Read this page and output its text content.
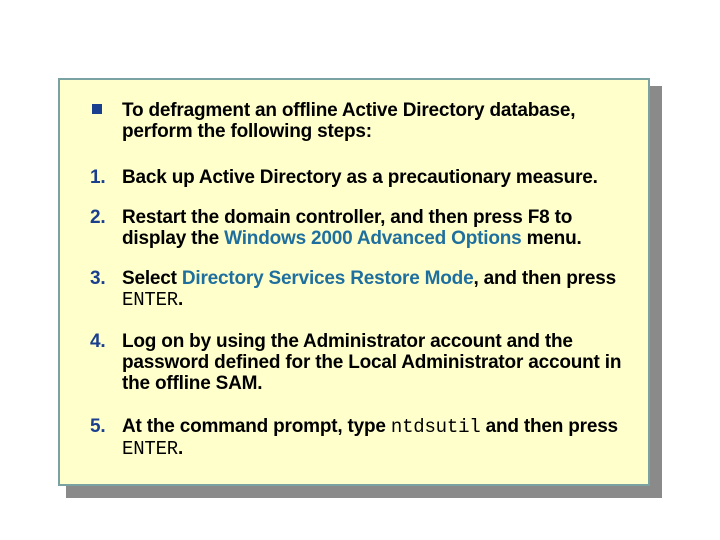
To defragment an offline Active Directory database, perform the following steps:
1. Back up Active Directory as a precautionary measure.
2. Restart the domain controller, and then press F8 to display the Windows 2000 Advanced Options menu.
3. Select Directory Services Restore Mode, and then press ENTER.
4. Log on by using the Administrator account and the password defined for the Local Administrator account in the offline SAM.
5. At the command prompt, type ntdsutil and then press ENTER.
